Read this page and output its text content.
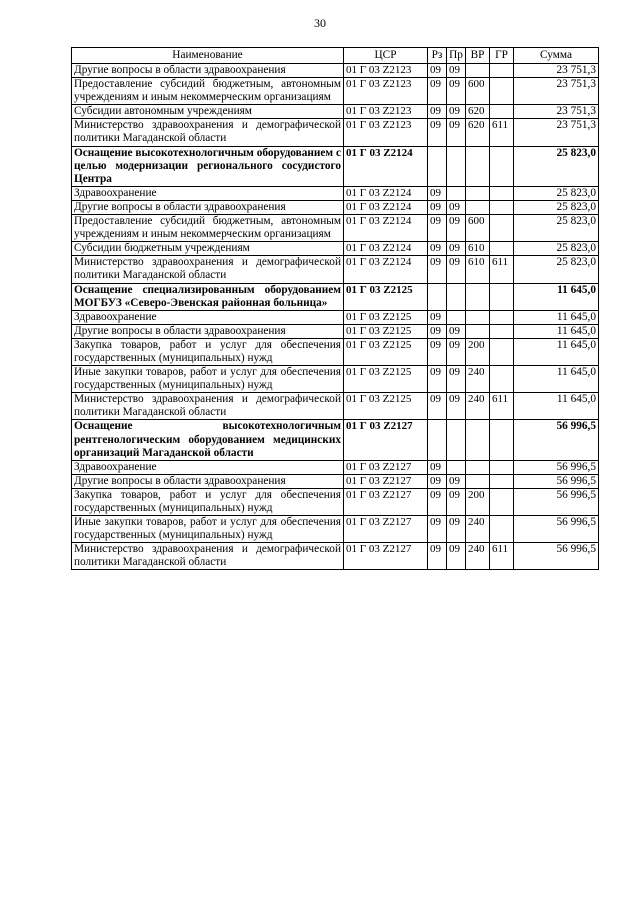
30
Наименование	ЦСР	Рз	Пр	ВР	ГР	Сумма
Другие вопросы в области здравоохранения	01 Г 03 Z2123	09	09			23 751,3
Предоставление субсидий бюджетным, автономным учреждениям и иным некоммерческим организациям	01 Г 03 Z2123	09	09	600		23 751,3
Субсидии автономным учреждениям	01 Г 03 Z2123	09	09	620		23 751,3
Министерство здравоохранения и демографической политики Магаданской области	01 Г 03 Z2123	09	09	620	611	23 751,3
Оснащение высокотехнологичным оборудованием с целью модернизации регионального сосудистого Центра	01 Г 03 Z2124					25 823,0
Здравоохранение	01 Г 03 Z2124	09				25 823,0
Другие вопросы в области здравоохранения	01 Г 03 Z2124	09	09			25 823,0
Предоставление субсидий бюджетным, автономным учреждениям и иным некоммерческим организациям	01 Г 03 Z2124	09	09	600		25 823,0
Субсидии бюджетным учреждениям	01 Г 03 Z2124	09	09	610		25 823,0
Министерство здравоохранения и демографической политики Магаданской области	01 Г 03 Z2124	09	09	610	611	25 823,0
Оснащение специализированным оборудованием МОГБУЗ «Северо-Эвенская районная больница»	01 Г 03 Z2125					11 645,0
Здравоохранение	01 Г 03 Z2125	09				11 645,0
Другие вопросы в области здравоохранения	01 Г 03 Z2125	09	09			11 645,0
Закупка товаров, работ и услуг для обеспечения государственных (муниципальных) нужд	01 Г 03 Z2125	09	09	200		11 645,0
Иные закупки товаров, работ и услуг для обеспечения государственных (муниципальных) нужд	01 Г 03 Z2125	09	09	240		11 645,0
Министерство здравоохранения и демографической политики Магаданской области	01 Г 03 Z2125	09	09	240	611	11 645,0
Оснащение высокотехнологичным рентгенологическим оборудованием медицинских организаций Магаданской области	01 Г 03 Z2127					56 996,5
Здравоохранение	01 Г 03 Z2127	09				56 996,5
Другие вопросы в области здравоохранения	01 Г 03 Z2127	09	09			56 996,5
Закупка товаров, работ и услуг для обеспечения государственных (муниципальных) нужд	01 Г 03 Z2127	09	09	200		56 996,5
Иные закупки товаров, работ и услуг для обеспечения государственных (муниципальных) нужд	01 Г 03 Z2127	09	09	240		56 996,5
Министерство здравоохранения и демографической политики Магаданской области	01 Г 03 Z2127	09	09	240	611	56 996,5
